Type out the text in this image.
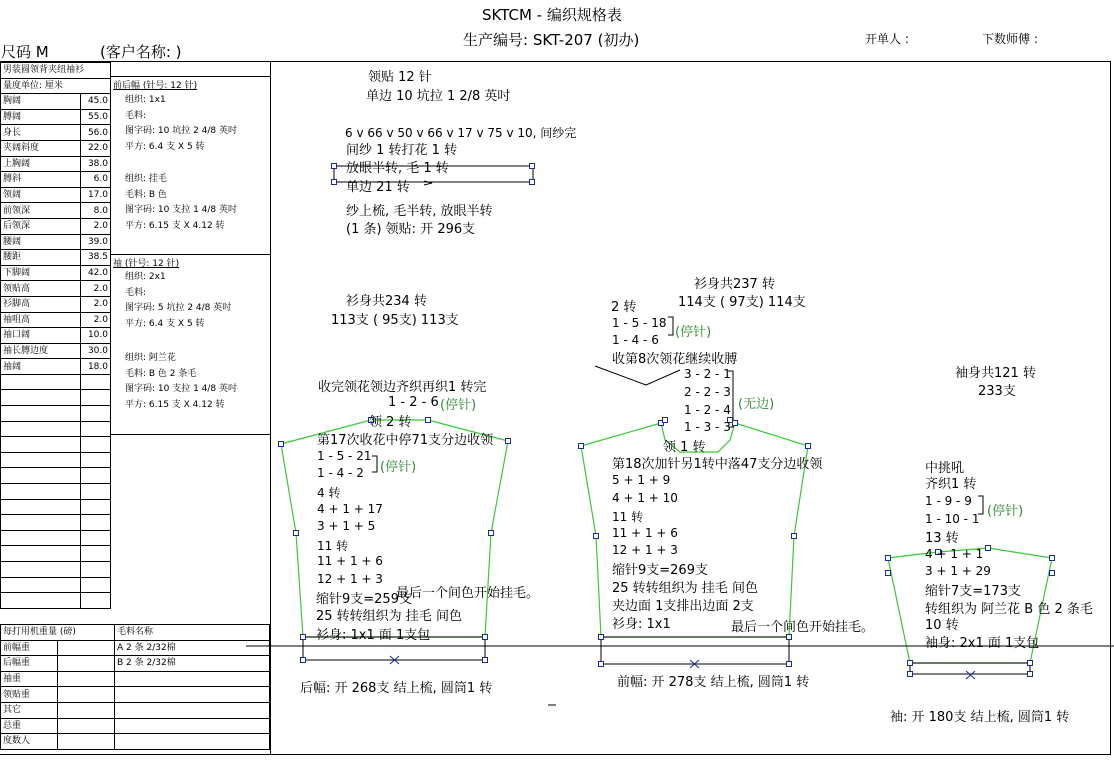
SKTCM - 编织规格表
生产编号: SKT-207 (初办)	开单人 :	下数师傅 :
尺码 M	(客户名称: )
男装圆领背夹纽袖衫	
量度单位: 厘米	
胸阔	45.0
膊阔	55.0
身长	56.0
夹阔斜度	22.0
上胸阔	38.0
膊斜	6.0
领阔	17.0
前领深	8.0
后领深	2.0
腰阔	39.0
腰距	38.5
下脚阔	42.0
领贴高	2.0
衫脚高	2.0
袖咀高	2.0
袖口阔	10.0
袖长膊边度	30.0
袖阔	18.0

前后幅 (针号: 12 针)
组织: 1x1
毛料:
图字码: 10 坑拉 2 4/8 英吋
平方: 6.4 支 X 5 转
组织: 挂毛
毛料: B 色
图字码: 10 支拉 1 4/8 英吋
平方: 6.15 支 X 4.12 转
袖 (针号: 12 针)
组织: 2x1
毛料:
图字码: 5 坑拉 2 4/8 英吋
平方: 6.4 支 X 5 转
组织: 阿兰花
毛料: B 色 2 条毛
图字码: 10 支拉 1 4/8 英吋
平方: 6.15 支 X 4.12 转
每打用机重量 (磅)		毛料名称
前幅重		A 2 条 2/32棉
后幅重		B 2 条 2/32棉
袖重		
领贴重		
其它		
总重		
度数人		
领贴 12 针
单边 10 坑拉 1 2/8 英吋
6 v 66 v 50 v 66 v 17 v 75 v 10, 间纱完
间纱 1 转打花 1 转
放眼半转, 毛 1 转
单边 21 转
纱上梳, 毛半转, 放眼半转
(1 条) 领贴: 开 296支
衫身共234 转
113支 ( 95支) 113支
收完领花领边齐织再织1 转完
1 - 2 - 6 (停针)
领 2 转
第17次收花中停71支分边收领
1 - 5 - 21
1 - 4 - 2 (停针)
4 转
4 + 1 + 17
3 + 1 + 5
11 转
11 + 1 + 6
12 + 1 + 3
缩针9支=259支
25 转转组织为 挂毛 间色
衫身: 1x1 面 1支包
最后一个间色开始挂毛。
后幅: 开 268支 结上梳, 圆筒1 转
衫身共237 转
114支 ( 97支) 114支
2 转
1 - 5 - 18
1 - 4 - 6 (停针)
收第8次领花继续收膊
3 - 2 - 1
2 - 2 - 3
1 - 2 - 4
1 - 3 - 3
(无边)
领 1 转
第18次加针另1转中落47支分边收领
5 + 1 + 9
4 + 1 + 10
11 转
11 + 1 + 6
12 + 1 + 3
缩针9支=269支
25 转转组织为 挂毛 间色
夹边面 1支排出边面 2支
衫身: 1x1	最后一个间色开始挂毛。
前幅: 开 278支 结上梳, 圆筒1 转
袖身共121 转
233支
中挑吼
齐织1 转
1 - 9 - 9
1 - 10 - 1 (停针)
13 转
4 + 1 + 1
3 + 1 + 29
缩针7支=173支
转组织为 阿兰花 B 色 2 条毛
10 转
袖身: 2x1 面 1支包
袖: 开 180支 结上梳, 圆筒1 转
